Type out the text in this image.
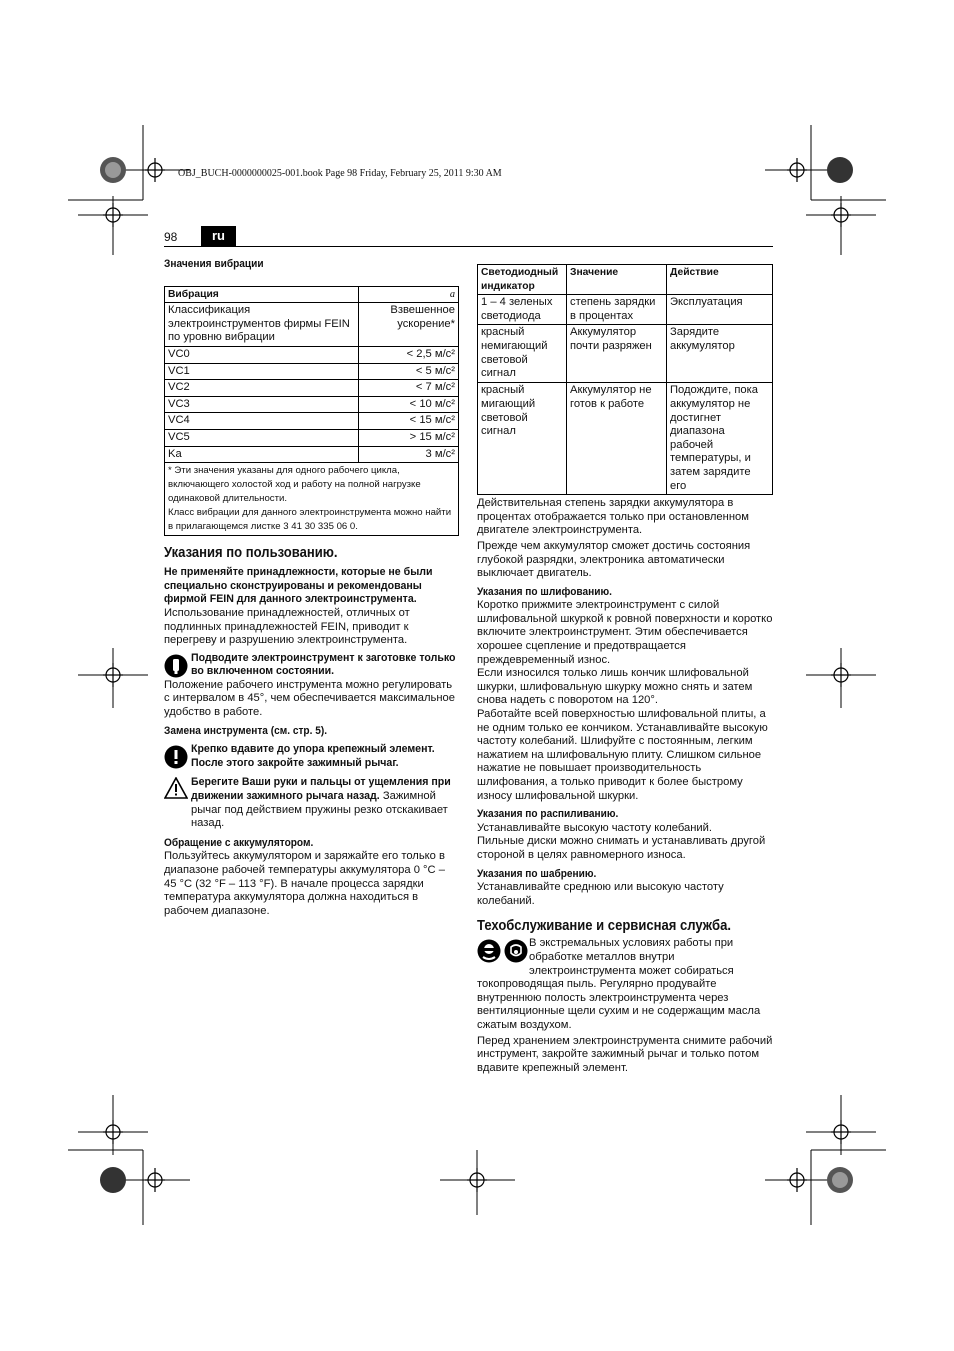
OBJ_BUCH-0000000025-001.book Page 98 Friday, February 25, 2011 9:30 AM
98	ru

Значения вибрации

Вибрация	a
Классификация электроинструментов фирмы FEIN по уровню вибрации	Взвешенное ускорение*
VC0	< 2,5 м/с²
VC1	< 5 м/с²
VC2	< 7 м/с²
VC3	< 10 м/с²
VC4	< 15 м/с²
VC5	> 15 м/с²
Ka	3 м/с²

* Эти значения указаны для одного рабочего цикла, включающего холостой ход и работу на полной нагрузке одинаковой длительности.
Класс вибрации для данного электроинструмента можно найти в прилагающемся листке 3 41 30 335 06 0.	

Указания по пользованию.

Не применяйте принадлежности, которые не были специально сконструированы и рекомендованы фирмой FEIN для данного электроинструмента.

Использование принадлежностей, отличных от подлинных принадлежностей FEIN, приводит к перегреву и разрушению электроинструмента.

Подводите электроинструмент к заготовке только во включенном состоянии.

Положение рабочего инструмента можно регулировать с интервалом в 45°, чем обеспечивается максимальное удобство в работе.

Замена инструмента (см. стр. 5).

Крепко вдавите до упора крепежный элемент. После этого закройте зажимный рычаг.

Берегите Ваши руки и пальцы от ущемления при движении зажимного рычага назад. Зажимной рычаг под действием пружины резко отскакивает назад.

Обращение с аккумулятором.

Пользуйтесь аккумулятором и заряжайте его только в диапазоне рабочей температуры аккумулятора 0 °C – 45 °C (32 °F – 113 °F). В начале процесса зарядки температура аккумулятора должна находиться в рабочем диапазоне.

Светодиодный индикатор	Значение	Действие
1 – 4 зеленых светодиода	степень зарядки в процентах	Эксплуатация
красный немигающий световой сигнал	Аккумулятор почти разряжен	Зарядите аккумулятор
красный мигающий световой сигнал	Аккумулятор не готов к работе	Подождите, пока аккумулятор не достигнет диапазона рабочей температуры, и затем зарядите его

Действительная степень зарядки аккумулятора в процентах отображается только при остановленном двигателе электроинструмента.

Прежде чем аккумулятор сможет достичь состояния глубокой разрядки, электроника автоматически выключает двигатель.

Указания по шлифованию.

Коротко прижмите электроинструмент с силой шлифовальной шкуркой к ровной поверхности и коротко включите электроинструмент. Этим обеспечивается хорошее сцепление и предотвращается преждевременный износ.

Если износился только лишь кончик шлифовальной шкурки, шлифовальную шкурку можно снять и затем снова надеть с поворотом на 120°.

Работайте всей поверхностью шлифовальной плиты, а не одним только ее кончиком. Устанавливайте высокую частоту колебаний. Шлифуйте с постоянным, легким нажатием на шлифовальную плиту. Слишком сильное нажатие не повышает производительность шлифования, а только приводит к более быстрому износу шлифовальной шкурки.

Указания по распиливанию.

Устанавливайте высокую частоту колебаний.

Пильные диски можно снимать и устанавливать другой стороной в целях равномерного износа.

Указания по шабрению.

Устанавливайте среднюю или высокую частоту колебаний.

Техобслуживание и сервисная служба.

В экстремальных условиях работы при обработке металлов внутри электроинструмента может собираться токопроводящая пыль. Регулярно продувайте внутреннюю полость электроинструмента через вентиляционные щели сухим и не содержащим масла сжатым воздухом.

Перед хранением электроинструмента снимите рабочий инструмент, закройте зажимный рычаг и только потом вдавите крепежный элемент.
